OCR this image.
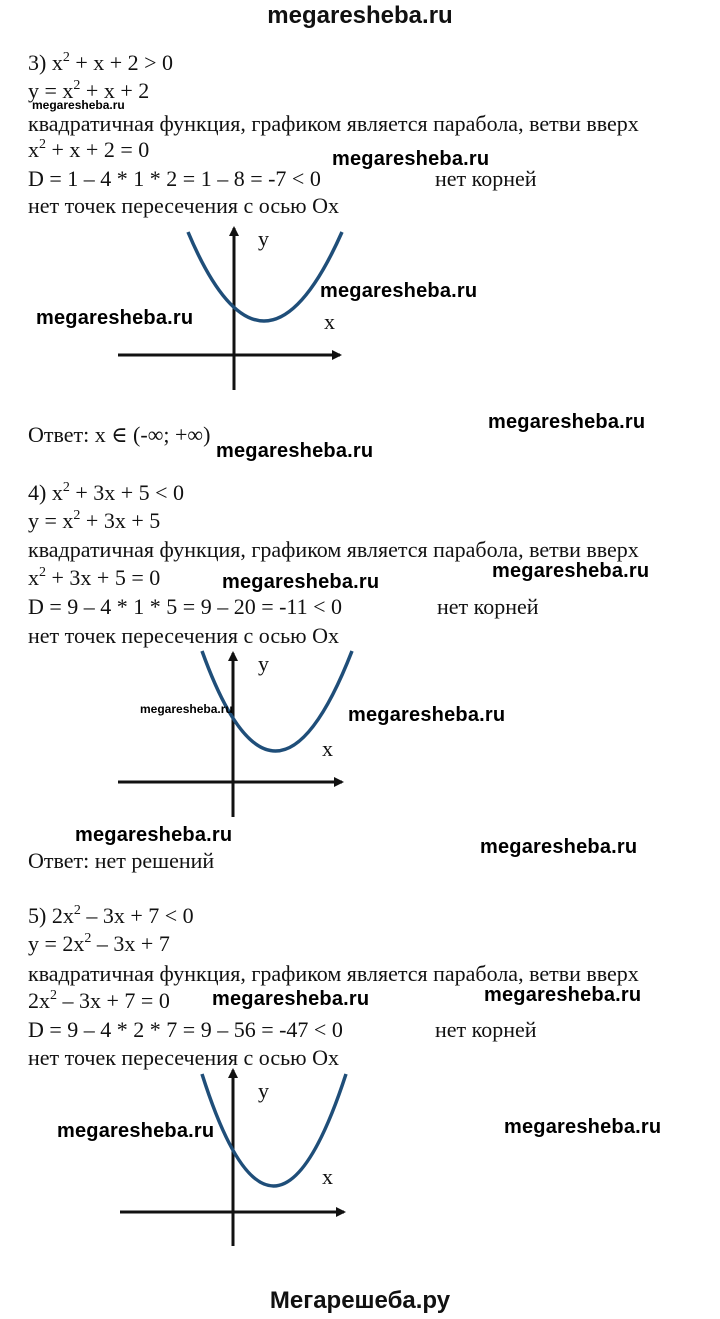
megaresheba.ru
3) $x^2 + x + 2 > 0$
$y = x^2 + x + 2$
megaresheba.ru
квадратичная функция, графиком является парабола, ветви вверх
$x^2 + x + 2 = 0$	megaresheba.ru
D = 1 – 4 * 1 * 2 = 1 – 8 = -7 < 0	нет корней
нет точек пересечения с осью Ox
y
x
megaresheba.ru
megaresheba.ru
Ответ: x ∈ (-∞; +∞)	megaresheba.ru
megaresheba.ru
4) $x^2 + 3x + 5 < 0$
$y = x^2 + 3x + 5$
квадратичная функция, графиком является парабола, ветви вверх
$x^2 + 3x + 5 = 0$	megaresheba.ru	megaresheba.ru
D = 9 – 4 * 1 * 5 = 9 – 20 = -11 < 0	нет корней
нет точек пересечения с осью Ox
y
x
megaresheba.ru	megaresheba.ru
megaresheba.ru
megaresheba.ru
Ответ: нет решений
5) $2x^2 - 3x + 7 < 0$
$y = 2x^2 - 3x + 7$
квадратичная функция, графиком является парабола, ветви вверх
$2x^2 - 3x + 7 = 0$ megaresheba.ru	megaresheba.ru
D = 9 – 4 * 2 * 7 = 9 – 56 = -47 < 0	нет корней
нет точек пересечения с осью Ox
y
x
megaresheba.ru	megaresheba.ru
Мегарешеба.ру
